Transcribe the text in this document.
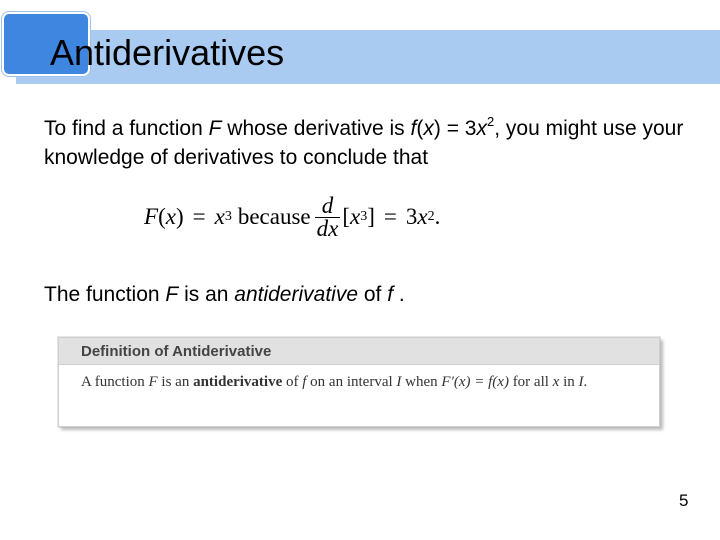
Antiderivatives

To find a function F whose derivative is $f(x) = 3x^2$, you might use your knowledge of derivatives to conclude that

F ( x ) = x 3 because $\frac{d}{dx}$ [ x 3 ] = 3 x 2 .

The function F is an antiderivative of f .

Definition of Antiderivative
A function F is an antiderivative of f on an interval I when F′(x) = f(x) for all x in I.
5
